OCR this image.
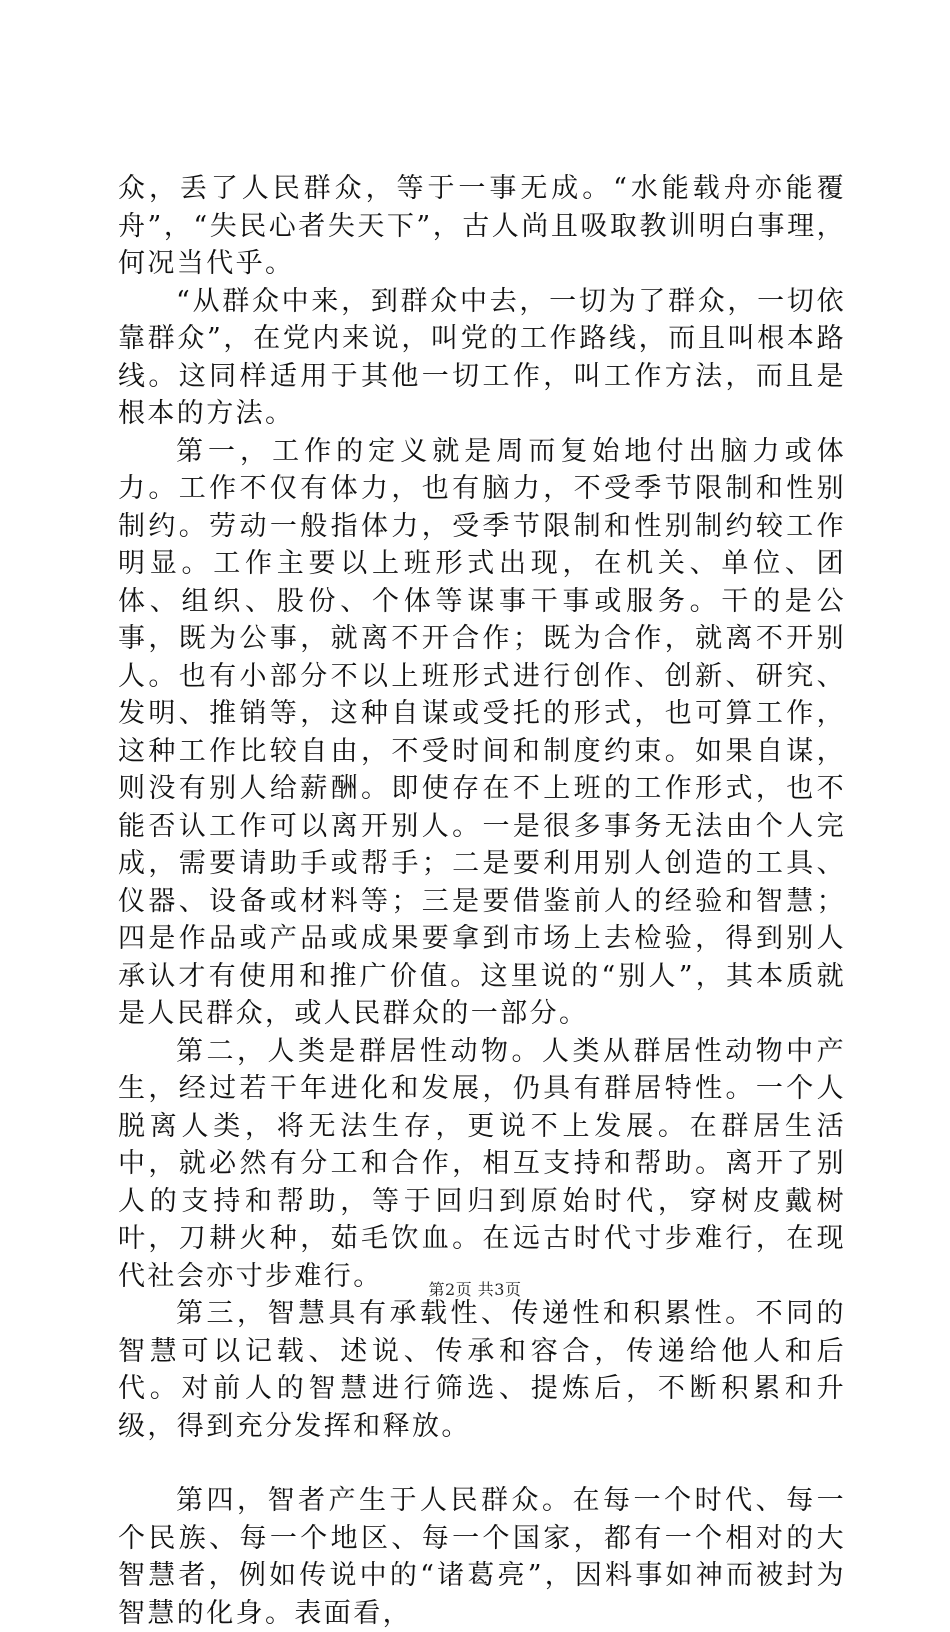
众，丢了人民群众，等于一事无成。“水能载舟亦能覆舟”，“失民心者失天下”，古人尚且吸取教训明白事理，何况当代乎。

“从群众中来，到群众中去，一切为了群众，一切依靠群众”，在党内来说，叫党的工作路线，而且叫根本路线。这同样适用于其他一切工作，叫工作方法，而且是根本的方法。

第一，工作的定义就是周而复始地付出脑力或体力。工作不仅有体力，也有脑力，不受季节限制和性别制约。劳动一般指体力，受季节限制和性别制约较工作明显。工作主要以上班形式出现，在机关、单位、团体、组织、股份、个体等谋事干事或服务。干的是公事，既为公事，就离不开合作；既为合作，就离不开别人。也有小部分不以上班形式进行创作、创新、研究、发明、推销等，这种自谋或受托的形式，也可算工作，这种工作比较自由，不受时间和制度约束。如果自谋，则没有别人给薪酬。即使存在不上班的工作形式，也不能否认工作可以离开别人。一是很多事务无法由个人完成，需要请助手或帮手；二是要利用别人创造的工具、仪器、设备或材料等；三是要借鉴前人的经验和智慧；四是作品或产品或成果要拿到市场上去检验，得到别人承认才有使用和推广价值。这里说的“别人”，其本质就是人民群众，或人民群众的一部分。

第二，人类是群居性动物。人类从群居性动物中产生，经过若干年进化和发展，仍具有群居特性。一个人脱离人类，将无法生存，更说不上发展。在群居生活中，就必然有分工和合作，相互支持和帮助。离开了别人的支持和帮助，等于回归到原始时代，穿树皮戴树叶，刀耕火种，茹毛饮血。在远古时代寸步难行，在现代社会亦寸步难行。

第三，智慧具有承载性、传递性和积累性。不同的智慧可以记载、述说、传承和容合，传递给他人和后代。对前人的智慧进行筛选、提炼后，不断积累和升级，得到充分发挥和释放。

第四，智者产生于人民群众。在每一个时代、每一个民族、每一个地区、每一个国家，都有一个相对的大智慧者，例如传说中的“诸葛亮”，因料事如神而被封为智慧的化身。表面看，

第2页 共3页
